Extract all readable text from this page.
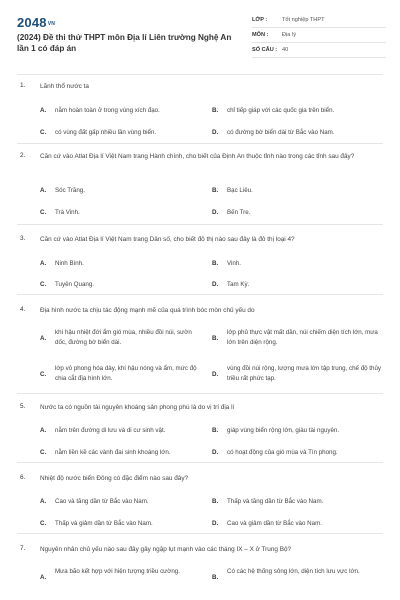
2048VN
(2024) Đề thi thử THPT môn Địa lí Liên trường Nghệ An lần 1 có đáp án
LỚP :	Tốt nghiệp THPT
MÔN :	Địa lý
SỐ CÂU : 40
1. Lãnh thổ nước ta
A. nằm hoàn toàn ở trong vùng xích đạo.	B. chỉ tiếp giáp với các quốc gia trên biển.
C. có vùng đất gấp nhiều lần vùng biển.	D. có đường bờ biển dài từ Bắc vào Nam.
2. Căn cứ vào Atlat Địa lí Việt Nam trang Hành chính, cho biết của Định An thuộc tỉnh nào trong các tỉnh sau đây?
A. Sóc Trăng.	B. Bạc Liêu.
C. Trà Vinh.	D. Bến Tre.
3. Căn cứ vào Atlat Địa lí Việt Nam trang Dân số, cho biết đô thị nào sau đây là đô thị loại 4?
A. Ninh Bình.	B. Vinh.
C. Tuyên Quang.	D. Tam Kỳ.
4. Địa hình nước ta chịu tác động mạnh mẽ của quá trình bóc mòn chủ yếu do
A.
khí hậu nhiệt đới ẩm gió mùa, nhiều đồi núi, sườn dốc, đường bờ biển dài.
B.
lớp phủ thực vật mất dần, núi chiếm diện tích lớn, mưa lớn trên diện rộng.
C.
lớp vỏ phong hóa dày, khí hậu nóng và ẩm, mức độ chia cắt địa hình lớn.
D.
vùng đồi núi rộng, lượng mưa lớn tập trung, chế độ thủy triều rất phức tạp.
5. Nước ta có nguồn tài nguyên khoáng sản phong phú là do vị trí địa lí
A. nằm trên đường di lưu và di cư sinh vật.	B. giáp vùng biển rộng lớn, giàu tài nguyên.
C. nằm liền kề các vành đai sinh khoáng lớn.	D. có hoạt động của gió mùa và Tín phong.
6. Nhiệt độ nước biển Đông có đặc điểm nào sau đây?
A. Cao và tăng dần từ Bắc vào Nam.	B. Thấp và tăng dần từ Bắc vào Nam.
C. Thấp và giảm dần từ Bắc vào Nam.	D. Cao và giảm dần từ Bắc vào Nam.
7. Nguyên nhân chủ yếu nào sau đây gây ngập lụt mạnh vào các tháng IX – X ở Trung Bộ?
A.
Mưa bão kết hợp với hiện tượng triều cường.
B.
Có các hệ thống sông lớn, diện tích lưu vực lớn.
